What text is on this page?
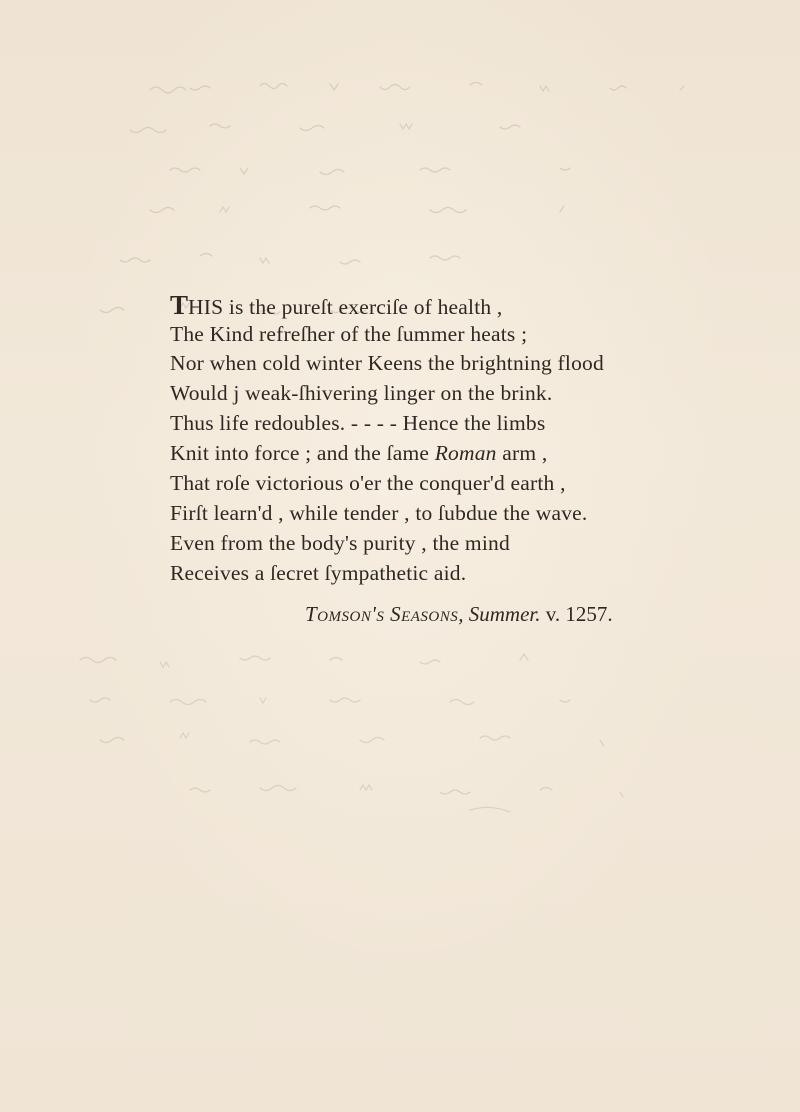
THIS is the pureſt exerciſe of health ,
The Kind refreſher of the ſummer heats ;
Nor when cold winter Keens the brightning flood
Would j weak-ſhivering linger on the brink.
Thus life redoubles. - - - - Hence the limbs
Knit into force ; and the ſame Roman arm ,
That roſe victorious o'er the conquer'd earth ,
Firſt learn'd , while tender , to ſubdue the wave.
Even from the body's purity , the mind
Receives a ſecret ſympathetic aid.
Tomson's Seasons, Summer. v. 1257.
